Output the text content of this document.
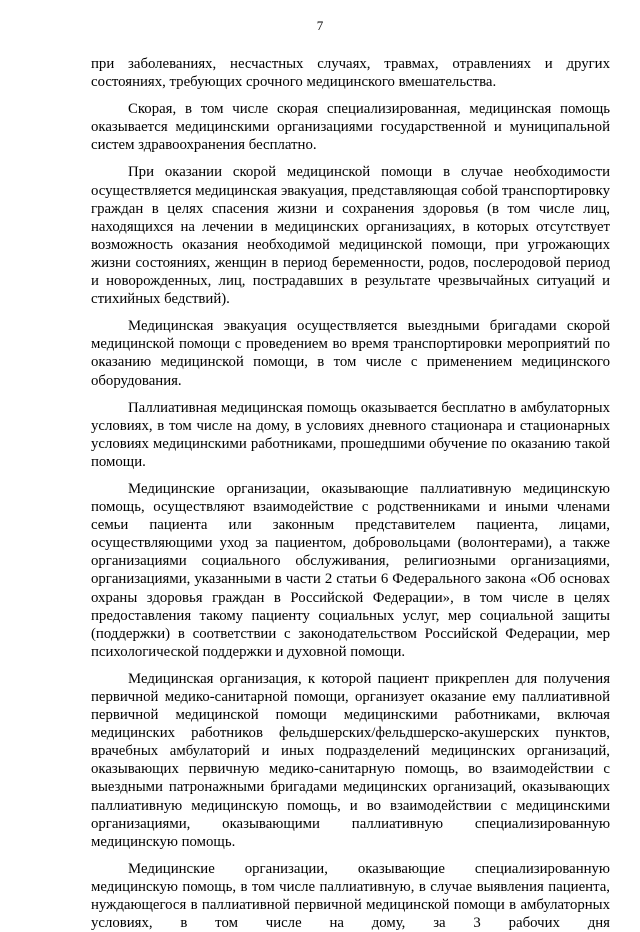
7

при заболеваниях, несчастных случаях, травмах, отравлениях и других состояниях, требующих срочного медицинского вмешательства.

Скорая, в том числе скорая специализированная, медицинская помощь оказывается медицинскими организациями государственной и муниципальной систем здравоохранения бесплатно.

При оказании скорой медицинской помощи в случае необходимости осуществляется медицинская эвакуация, представляющая собой транспортировку граждан в целях спасения жизни и сохранения здоровья (в том числе лиц, находящихся на лечении в медицинских организациях, в которых отсутствует возможность оказания необходимой медицинской помощи, при угрожающих жизни состояниях, женщин в период беременности, родов, послеродовой период и новорожденных, лиц, пострадавших в результате чрезвычайных ситуаций и стихийных бедствий).

Медицинская эвакуация осуществляется выездными бригадами скорой медицинской помощи с проведением во время транспортировки мероприятий по оказанию медицинской помощи, в том числе с применением медицинского оборудования.

Паллиативная медицинская помощь оказывается бесплатно в амбулаторных условиях, в том числе на дому, в условиях дневного стационара и стационарных условиях медицинскими работниками, прошедшими обучение по оказанию такой помощи.

Медицинские организации, оказывающие паллиативную медицинскую помощь, осуществляют взаимодействие с родственниками и иными членами семьи пациента или законным представителем пациента, лицами, осуществляющими уход за пациентом, добровольцами (волонтерами), а также организациями социального обслуживания, религиозными организациями, организациями, указанными в части 2 статьи 6 Федерального закона «Об основах охраны здоровья граждан в Российской Федерации», в том числе в целях предоставления такому пациенту социальных услуг, мер социальной защиты (поддержки) в соответствии с законодательством Российской Федерации, мер психологической поддержки и духовной помощи.

Медицинская организация, к которой пациент прикреплен для получения первичной медико-санитарной помощи, организует оказание ему паллиативной первичной медицинской помощи медицинскими работниками, включая медицинских работников фельдшерских/фельдшерско-акушерских пунктов, врачебных амбулаторий и иных подразделений медицинских организаций, оказывающих первичную медико-санитарную помощь, во взаимодействии с выездными патронажными бригадами медицинских организаций, оказывающих паллиативную медицинскую помощь, и во взаимодействии с медицинскими организациями, оказывающими паллиативную специализированную медицинскую помощь.

Медицинские организации, оказывающие специализированную медицинскую помощь, в том числе паллиативную, в случае выявления пациента, нуждающегося в паллиативной первичной медицинской помощи в амбулаторных условиях, в том числе на дому, за 3 рабочих дня
